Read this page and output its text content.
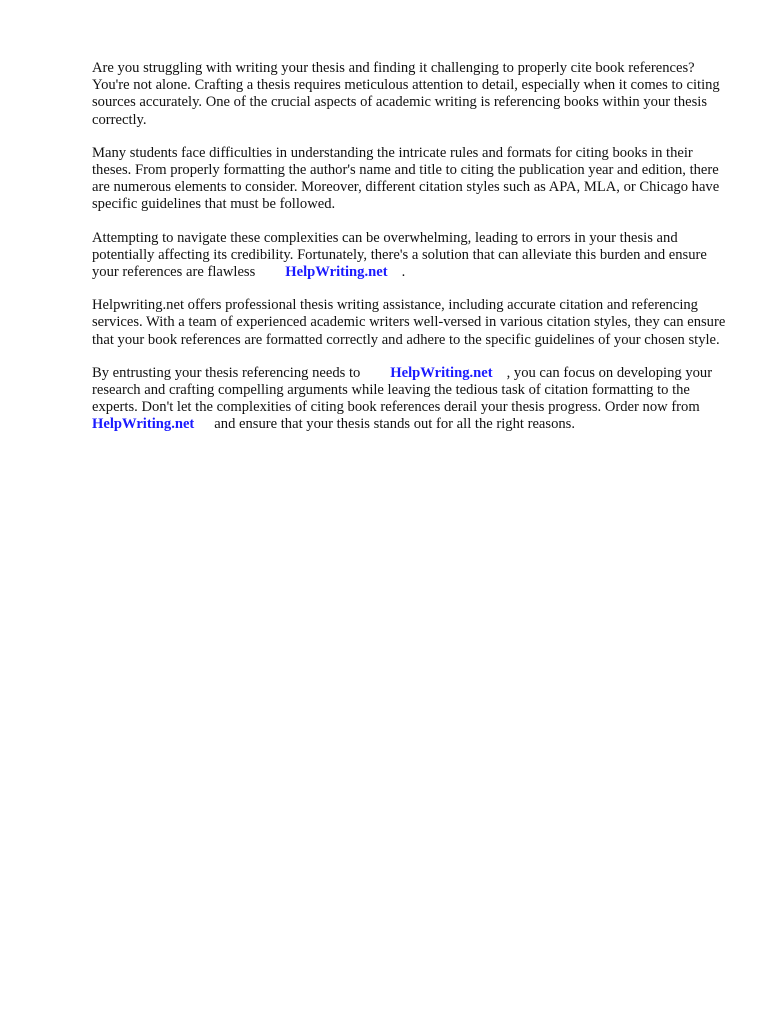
Are you struggling with writing your thesis and finding it challenging to properly cite book references? You're not alone. Crafting a thesis requires meticulous attention to detail, especially when it comes to citing sources accurately. One of the crucial aspects of academic writing is referencing books within your thesis correctly.

Many students face difficulties in understanding the intricate rules and formats for citing books in their theses. From properly formatting the author's name and title to citing the publication year and edition, there are numerous elements to consider. Moreover, different citation styles such as APA, MLA, or Chicago have specific guidelines that must be followed.

Attempting to navigate these complexities can be overwhelming, leading to errors in your thesis and potentially affecting its credibility. Fortunately, there's a solution that can alleviate this burden and ensure your references are flawless HelpWriting.net .

Helpwriting.net offers professional thesis writing assistance, including accurate citation and referencing services. With a team of experienced academic writers well-versed in various citation styles, they can ensure that your book references are formatted correctly and adhere to the specific guidelines of your chosen style.

By entrusting your thesis referencing needs to HelpWriting.net , you can focus on developing your research and crafting compelling arguments while leaving the tedious task of citation formatting to the experts. Don't let the complexities of citing book references derail your thesis progress. Order now fromHelpWriting.net and ensure that your thesis stands out for all the right reasons.
